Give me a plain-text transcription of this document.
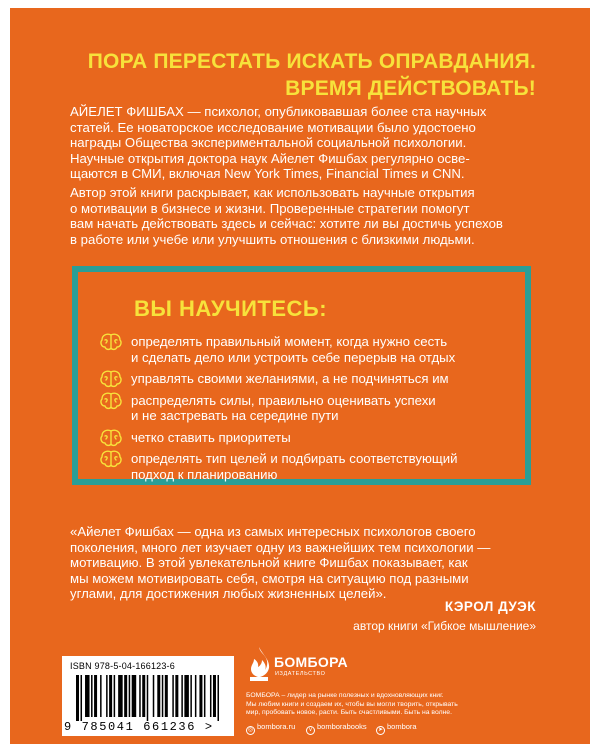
ПОРА ПЕРЕСТАТЬ ИСКАТЬ ОПРАВДАНИЯ.
ВРЕМЯ ДЕЙСТВОВАТЬ!
АЙЕЛЕТ ФИШБАХ — психолог, опубликовавшая более ста научных
статей. Ее новаторское исследование мотивации было удостоено
награды Общества экспериментальной социальной психологии.
Научные открытия доктора наук Айелет Фишбах регулярно осве-
щаются в СМИ, включая New York Times, Financial Times и CNN.
Автор этой книги раскрывает, как использовать научные открытия
о мотивации в бизнесе и жизни. Проверенные стратегии помогут
вам начать действовать здесь и сейчас: хотите ли вы достичь успехов
в работе или учебе или улучшить отношения с близкими людьми.
ВЫ НАУЧИТЕСЬ:
определять правильный момент, когда нужно сесть
и сделать дело или устроить себе перерыв на отдых
управлять своими желаниями, а не подчиняться им
распределять силы, правильно оценивать успехи
и не застревать на середине пути
четко ставить приоритеты
определять тип целей и подбирать соответствующий
подход к планированию
«Айелет Фишбах — одна из самых интересных психологов своего
поколения, много лет изучает одну из важнейших тем психологии —
мотивацию. В этой увлекательной книге Фишбах показывает, как
мы можем мотивировать себя, смотря на ситуацию под разными
углами, для достижения любых жизненных целей».
КЭРОЛ ДУЭК
автор книги «Гибкое мышление»
ISBN 978-5-04-166123-6
9 785041 661236 >
БОМБОРА
ИЗДАТЕЛЬСТВО
БОМБОРА – лидер на рынке полезных и вдохновляющих книг.
Мы любим книги и создаем их, чтобы вы могли творить, открывать
мир, пробовать новое, расти. Быть счастливыми. Быть на волне.
◎ bombora.ru	v bomborabooks	➤ bombora
